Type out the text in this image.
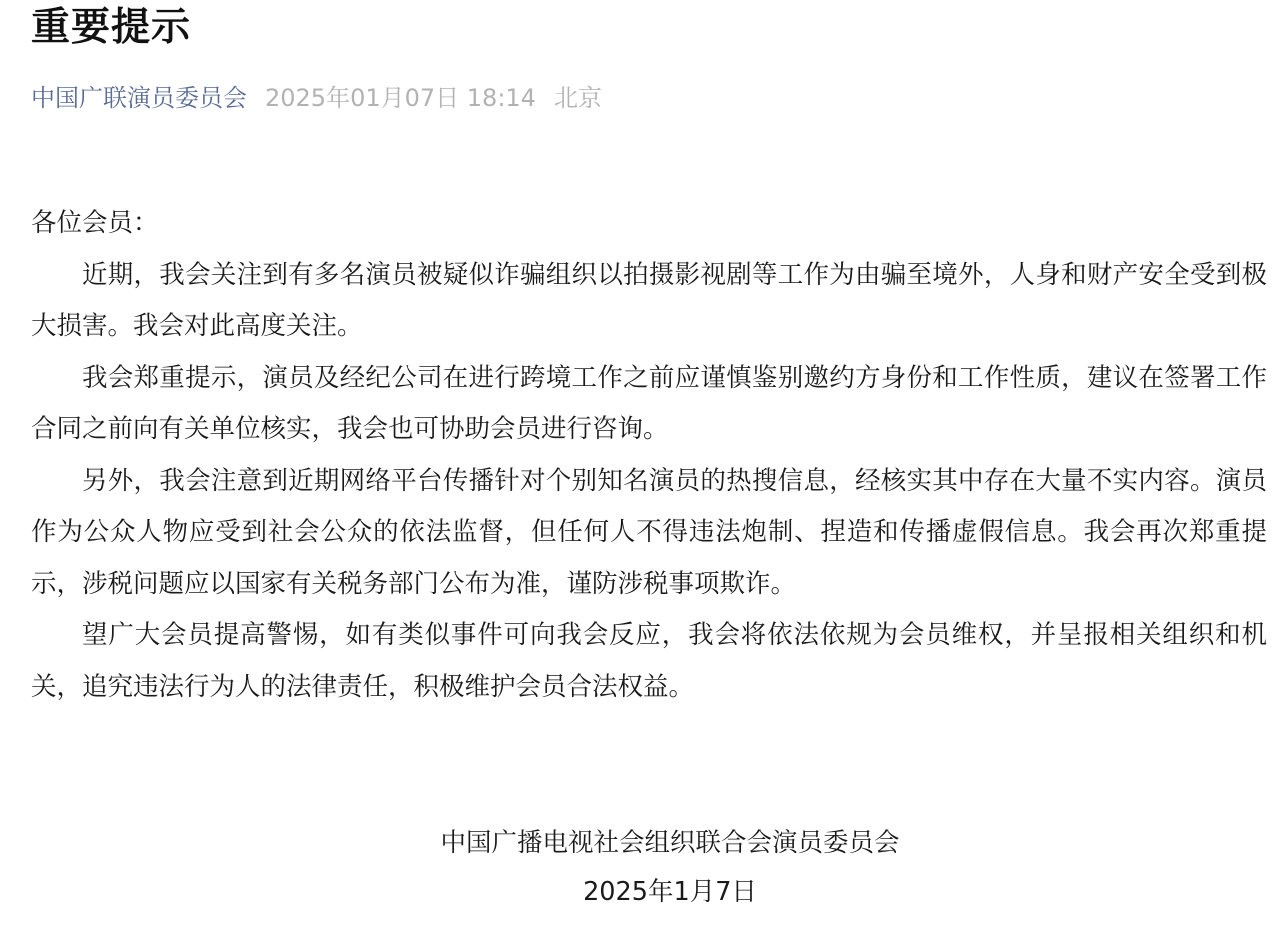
重要提示
中国广联演员委员会 2025年01月07日 18:14 北京

各位会员：

近期，我会关注到有多名演员被疑似诈骗组织以拍摄影视剧等工作为由骗至境外，人身和财产安全受到极大损害。我会对此高度关注。

我会郑重提示，演员及经纪公司在进行跨境工作之前应谨慎鉴别邀约方身份和工作性质，建议在签署工作合同之前向有关单位核实，我会也可协助会员进行咨询。

另外，我会注意到近期网络平台传播针对个别知名演员的热搜信息，经核实其中存在大量不实内容。演员作为公众人物应受到社会公众的依法监督，但任何人不得违法炮制、捏造和传播虚假信息。我会再次郑重提示，涉税问题应以国家有关税务部门公布为准，谨防涉税事项欺诈。

望广大会员提高警惕，如有类似事件可向我会反应，我会将依法依规为会员维权，并呈报相关组织和机关，追究违法行为人的法律责任，积极维护会员合法权益。

中国广播电视社会组织联合会演员委员会
2025年1月7日
